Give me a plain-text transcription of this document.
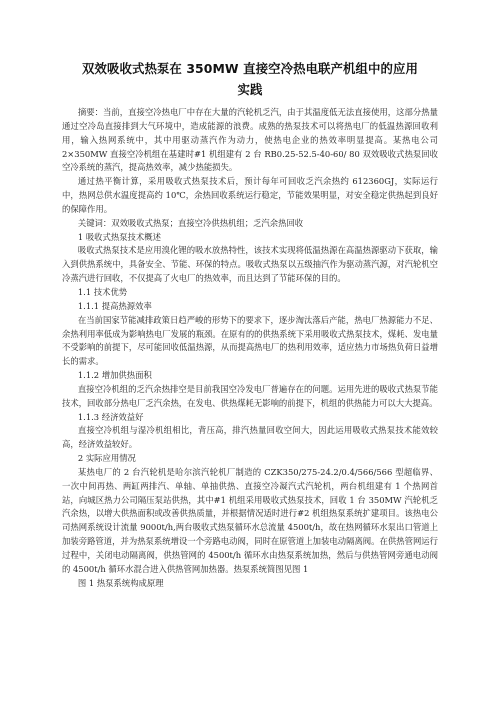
双效吸收式热泵在 350MW 直接空冷热电联产机组中的应用
实践

摘要：当前，直接空冷热电厂中存在大量的汽轮机乏汽，由于其温度低无法直接使用，这部分热量通过空冷岛直接排到大气环境中，造成能源的浪费。成熟的热泵技术可以将热电厂的低温热源回收利用，输入热网系统中，其中用驱动蒸汽作为动力，使热电企业的热效率明显提高。某热电公司 2×350MW 直接空冷机组在基建时#1 机组建有 2 台 RB0.25-52.5-40-60/ 80 双效吸收式热泵回收空冷系统的蒸汽，提高热效率，减少热能损失。

通过热平衡计算，采用吸收式热泵技术后，预计每年可回收乏汽余热约 612360GJ，实际运行中，热网总供水温度提高约 10℃，余热回收系统运行稳定，节能效果明显，对安全稳定供热起到良好的保障作用。

关键词：双效吸收式热泵；直接空冷供热机组；乏汽余热回收

1 吸收式热泵技术概述

吸收式热泵技术是应用溴化锂的吸水放热特性，该技术实现将低温热源在高温热源驱动下获取，输入到供热系统中，具备安全、节能、环保的特点。吸收式热泵以五级抽汽作为驱动蒸汽源，对汽轮机空冷蒸汽进行回收，不仅提高了火电厂的热效率，而且达到了节能环保的目的。

1.1 技术优势

1.1.1 提高热源效率

在当前国家节能减排政策日趋严峻的形势下的要求下，逐步淘汰落后产能，热电厂热源能力不足、余热利用率低成为影响热电厂发展的瓶颈。在原有的的供热系统下采用吸收式热泵技术，煤耗、发电量不受影响的前提下，尽可能回收低温热源，从而提高热电厂的热利用效率，适应热力市场热负荷日益增长的需求。

1.1.2 增加供热面积

直接空冷机组的乏汽余热排空是目前我国空冷发电厂普遍存在的问题。运用先进的吸收式热泵节能技术，回收部分热电厂乏汽余热，在发电、供热煤耗无影响的前提下，机组的供热能力可以大大提高。

1.1.3 经济效益好

直接空冷机组与湿冷机组相比，背压高，排汽热量回收空间大，因此运用吸收式热泵技术能效较高，经济效益较好。

2 实际应用情况

某热电厂的 2 台汽轮机是哈尔滨汽轮机厂制造的 CZK350/275-24.2/0.4/566/566 型超临界、一次中间再热、两缸两排汽、单轴、单抽供热、直接空冷凝汽式汽轮机，两台机组建有 1 个热网首站，向城区热力公司隔压泵站供热，其中#1 机组采用吸收式热泵技术，回收 1 台 350MW 汽轮机乏汽余热，以增大供热面积或改善供热质量，并根据情况适时进行#2 机组热泵系统扩建项目。该热电公司热网系统设计流量 9000t/h,两台吸收式热泵循环水总流量 4500t/h，故在热网循环水泵出口管道上加装旁路管道，并为热泵系统增设一个旁路电动阀，同时在原管道上加装电动隔离阀。在供热管网运行过程中，关闭电动隔离阀，供热管网的 4500t/h 循环水由热泵系统加热，然后与供热管网旁通电动阀的 4500t/h 循环水混合进入供热管网加热器。热泵系统简图见图 1

图 1 热泵系统构成原理
